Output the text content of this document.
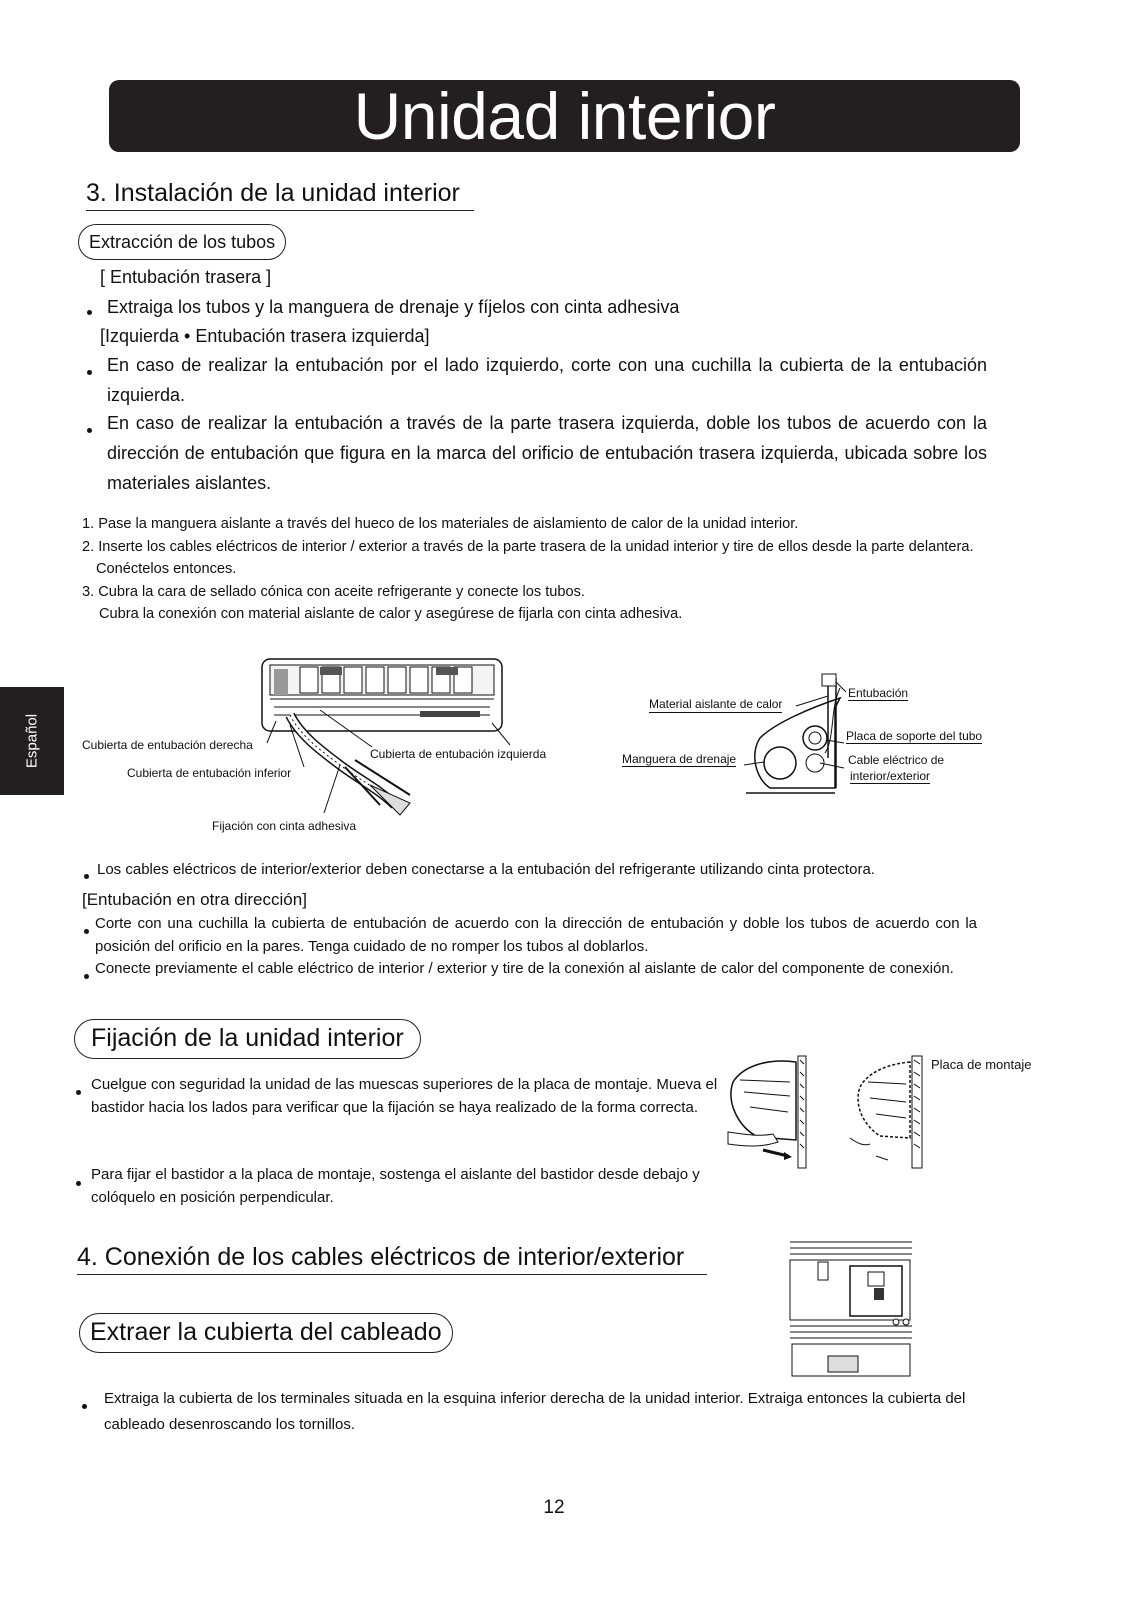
Unidad interior
Español
3. Instalación de la unidad interior
Extracción de los tubos
[ Entubación trasera ]
Extraiga los tubos y la manguera de drenaje y fíjelos con cinta adhesiva
[Izquierda • Entubación trasera izquierda]
En caso de realizar la entubación por el lado izquierdo, corte con una cuchilla la cubierta de la entubación izquierda.
En caso de realizar la entubación a través de la parte trasera izquierda, doble los tubos de acuerdo con la dirección de entubación que figura en la marca del orificio de entubación trasera izquierda, ubicada sobre los materiales aislantes.
1. Pase la manguera aislante a través del hueco de los materiales de aislamiento de calor de la unidad interior.
2. Inserte los cables eléctricos de interior / exterior a través de la parte trasera de la unidad interior y tire de ellos desde la parte delantera. Conéctelos entonces.
3. Cubra la cara de sellado cónica con aceite refrigerante y conecte los tubos.
Cubra la conexión con material aislante de calor y asegúrese de fijarla con cinta adhesiva.
Cubierta de entubación derecha
Cubierta de entubación inferior
Cubierta de entubación izquierda
Fijación con cinta adhesiva
Material aislante de calor
Entubación
Placa de soporte del tubo
Manguera de drenaje	Cable eléctrico de
interior/exterior
Los cables eléctricos de interior/exterior deben conectarse a la entubación del refrigerante utilizando cinta protectora.
[Entubación en otra dirección]
Corte con una cuchilla la cubierta de entubación de acuerdo con la dirección de entubación y doble los tubos de acuerdo con la posición del orificio en la pares. Tenga cuidado de no romper los tubos al doblarlos.
Conecte previamente el cable eléctrico de interior / exterior y tire de la conexión al aislante de calor del componente de conexión.
Fijación de la unidad interior
Cuelgue con seguridad la unidad de las muescas superiores de la placa de montaje. Mueva el bastidor hacia los lados para verificar que la fijación se haya realizado de la forma correcta.
Para fijar el bastidor a la placa de montaje, sostenga el aislante del bastidor desde debajo y colóquelo en posición perpendicular.
Placa de montaje
4. Conexión de los cables eléctricos de interior/exterior
Extraer la cubierta del cableado
Extraiga la cubierta de los terminales situada en la esquina inferior derecha de la unidad interior. Extraiga entonces la cubierta del cableado desenroscando los tornillos.
12
